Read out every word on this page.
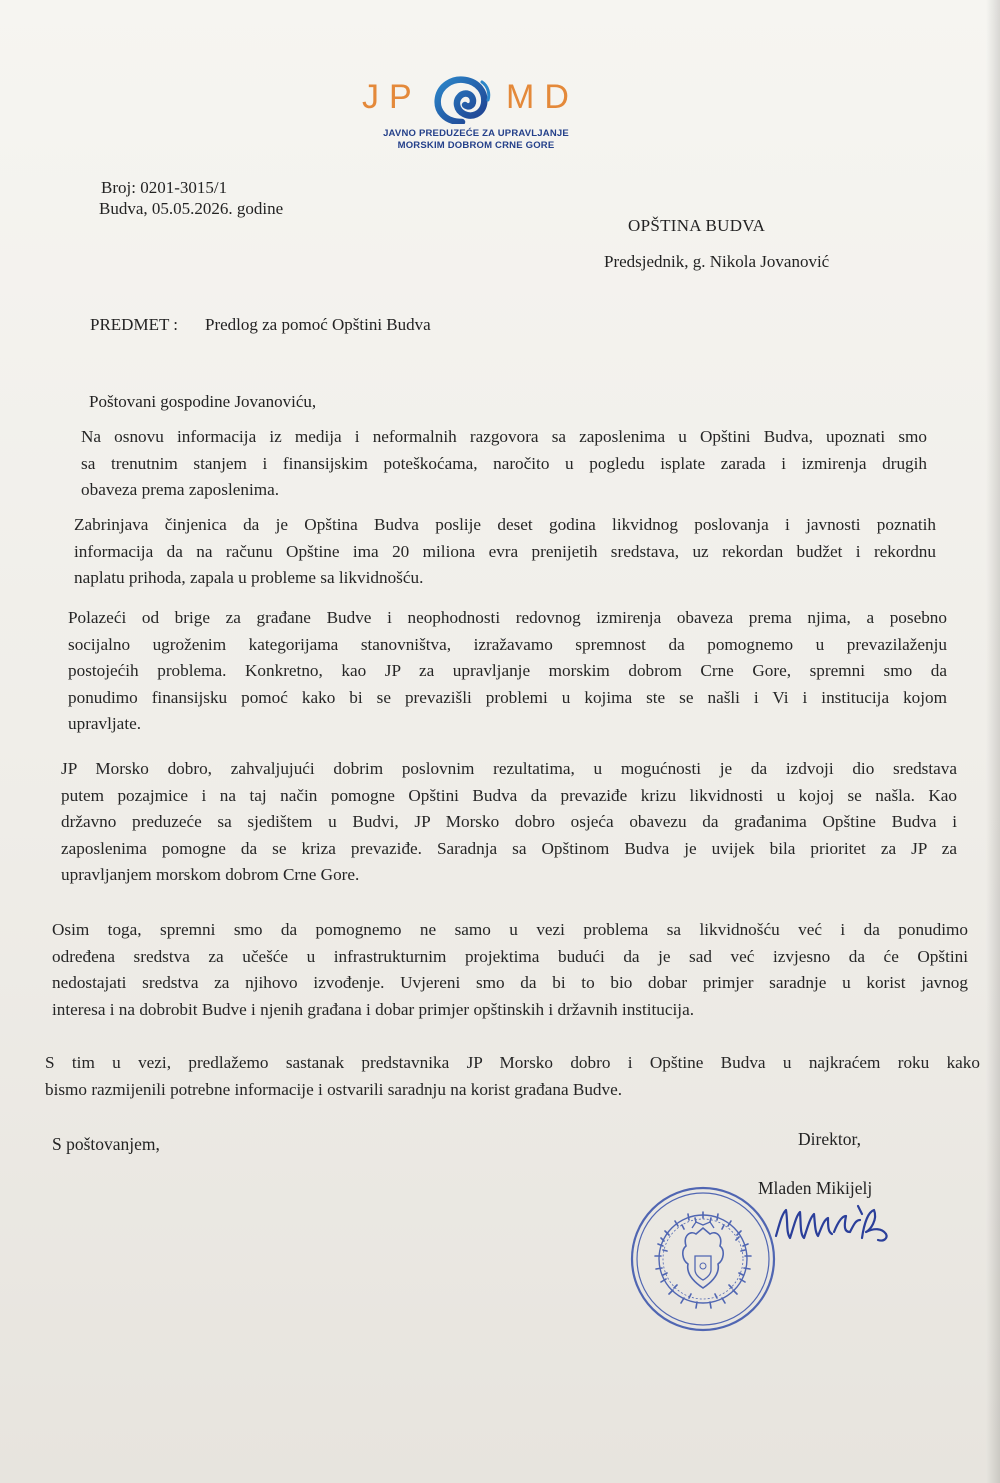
JP MD
JAVNO PREDUZEĆE ZA UPRAVLJANJE
MORSKIM DOBROM CRNE GORE
Broj: 0201-3015/1
Budva, 05.05.2026. godine
OPŠTINA BUDVA
Predsjednik, g. Nikola Jovanović
PREDMET : Predlog za pomoć Opštini Budva
Poštovani gospodine Jovanoviću,
Na osnovu informacija iz medija i neformalnih razgovora sa zaposlenima u Opštini Budva, upoznati smo
sa trenutnim stanjem i finansijskim poteškoćama, naročito u pogledu isplate zarada i izmirenja drugih
obaveza prema zaposlenima.
Zabrinjava činjenica da je Opština Budva poslije deset godina likvidnog poslovanja i javnosti poznatih
informacija da na računu Opštine ima 20 miliona evra prenijetih sredstava, uz rekordan budžet i rekordnu
naplatu prihoda, zapala u probleme sa likvidnošću.
Polazeći od brige za građane Budve i neophodnosti redovnog izmirenja obaveza prema njima, a posebno
socijalno ugroženim kategorijama stanovništva, izražavamo spremnost da pomognemo u prevazilaženju
postojećih problema. Konkretno, kao JP za upravljanje morskim dobrom Crne Gore, spremni smo da
ponudimo finansijsku pomoć kako bi se prevazišli problemi u kojima ste se našli i Vi i institucija kojom
upravljate.
JP Morsko dobro, zahvaljujući dobrim poslovnim rezultatima, u mogućnosti je da izdvoji dio sredstava
putem pozajmice i na taj način pomogne Opštini Budva da prevaziđe krizu likvidnosti u kojoj se našla. Kao
državno preduzeće sa sjedištem u Budvi, JP Morsko dobro osjeća obavezu da građanima Opštine Budva i
zaposlenima pomogne da se kriza prevaziđe. Saradnja sa Opštinom Budva je uvijek bila prioritet za JP za
upravljanjem morskom dobrom Crne Gore.
Osim toga, spremni smo da pomognemo ne samo u vezi problema sa likvidnošću već i da ponudimo
određena sredstva za učešće u infrastrukturnim projektima budući da je sad već izvjesno da će Opštini
nedostajati sredstva za njihovo izvođenje. Uvjereni smo da bi to bio dobar primjer saradnje u korist javnog
interesa i na dobrobit Budve i njenih građana i dobar primjer opštinskih i državnih institucija.
S tim u vezi, predlažemo sastanak predstavnika JP Morsko dobro i Opštine Budva u najkraćem roku kako
bismo razmijenili potrebne informacije i ostvarili saradnju na korist građana Budve.
S poštovanjem,	Direktor,
Mladen Mikijelj
